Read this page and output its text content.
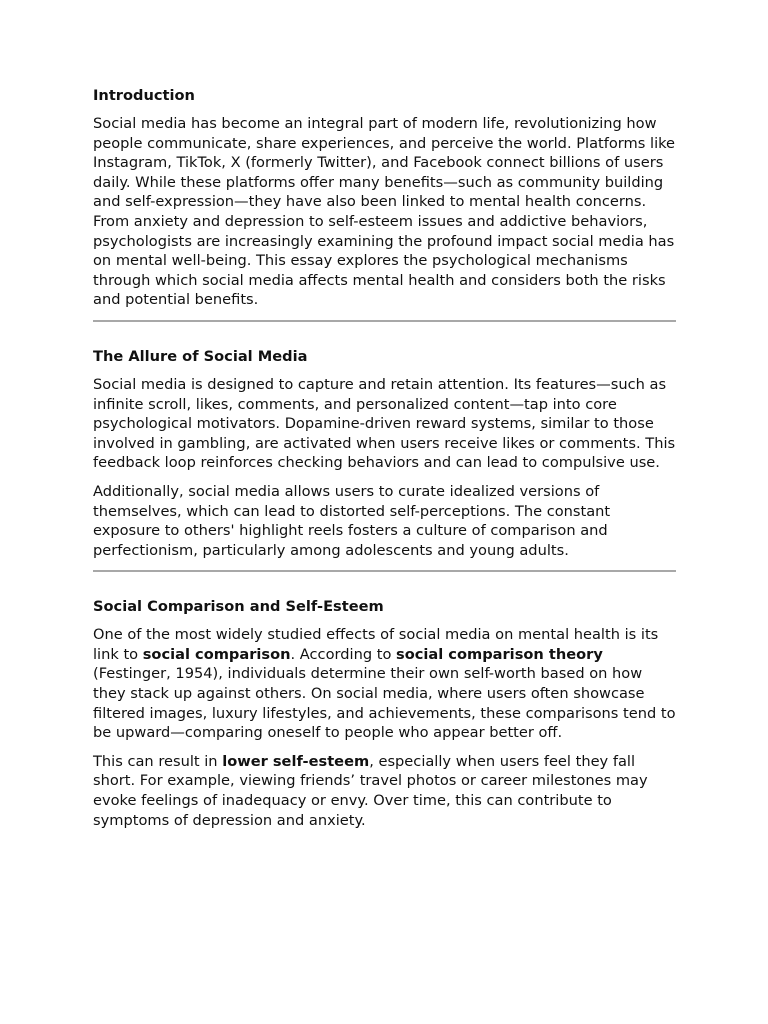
Introduction

Social media has become an integral part of modern life, revolutionizing how people communicate, share experiences, and perceive the world. Platforms like Instagram, TikTok, X (formerly Twitter), and Facebook connect billions of users daily. While these platforms offer many benefits—such as community building and self-expression—they have also been linked to mental health concerns. From anxiety and depression to self-esteem issues and addictive behaviors, psychologists are increasingly examining the profound impact social media has on mental well-being. This essay explores the psychological mechanisms through which social media affects mental health and considers both the risks and potential benefits.

The Allure of Social Media

Social media is designed to capture and retain attention. Its features—such as infinite scroll, likes, comments, and personalized content—tap into core psychological motivators. Dopamine-driven reward systems, similar to those involved in gambling, are activated when users receive likes or comments. This feedback loop reinforces checking behaviors and can lead to compulsive use.

Additionally, social media allows users to curate idealized versions of themselves, which can lead to distorted self-perceptions. The constant exposure to others' highlight reels fosters a culture of comparison and perfectionism, particularly among adolescents and young adults.

Social Comparison and Self-Esteem

One of the most widely studied effects of social media on mental health is its link to social comparison. According to social comparison theory (Festinger, 1954), individuals determine their own self-worth based on how they stack up against others. On social media, where users often showcase filtered images, luxury lifestyles, and achievements, these comparisons tend to be upward—comparing oneself to people who appear better off.

This can result in lower self-esteem, especially when users feel they fall short. For example, viewing friends’ travel photos or career milestones may evoke feelings of inadequacy or envy. Over time, this can contribute to symptoms of depression and anxiety.
